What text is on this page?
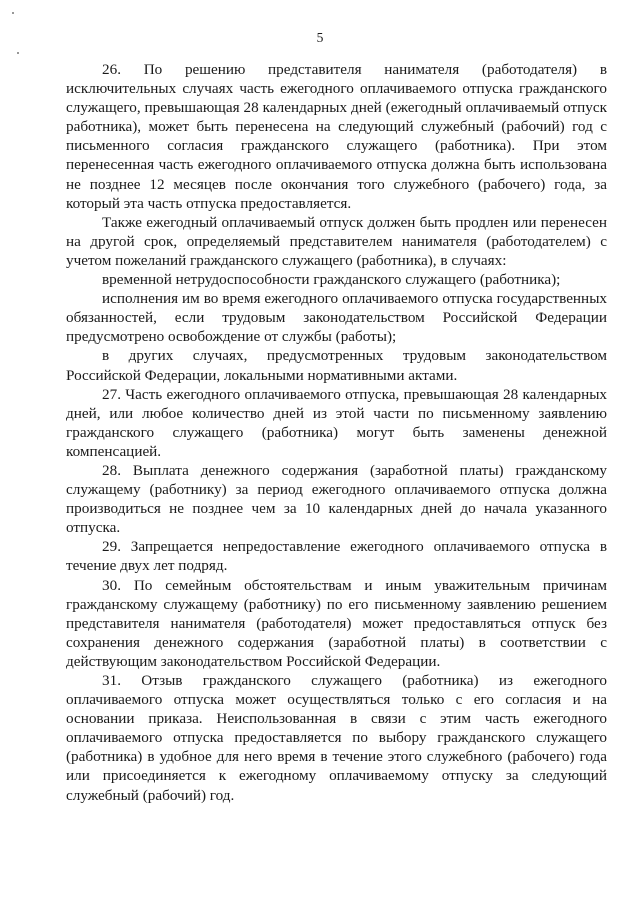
5

26. По решению представителя нанимателя (работодателя) в исключительных случаях часть ежегодного оплачиваемого отпуска гражданского служащего, превышающая 28 календарных дней (ежегодный оплачиваемый отпуск работника), может быть перенесена на следующий служебный (рабочий) год с письменного согласия гражданского служащего (работника). При этом перенесенная часть ежегодного оплачиваемого отпуска должна быть использована не позднее 12 месяцев после окончания того служебного (рабочего) года, за который эта часть отпуска предоставляется.

Также ежегодный оплачиваемый отпуск должен быть продлен или перенесен на другой срок, определяемый представителем нанимателя (работодателем) с учетом пожеланий гражданского служащего (работника), в случаях:

временной нетрудоспособности гражданского служащего (работника);

исполнения им во время ежегодного оплачиваемого отпуска государственных обязанностей, если трудовым законодательством Российской Федерации предусмотрено освобождение от службы (работы);

в других случаях, предусмотренных трудовым законодательством Российской Федерации, локальными нормативными актами.

27. Часть ежегодного оплачиваемого отпуска, превышающая 28 календарных дней, или любое количество дней из этой части по письменному заявлению гражданского служащего (работника) могут быть заменены денежной компенсацией.

28. Выплата денежного содержания (заработной платы) гражданскому служащему (работнику) за период ежегодного оплачиваемого отпуска должна производиться не позднее чем за 10 календарных дней до начала указанного отпуска.

29. Запрещается непредоставление ежегодного оплачиваемого отпуска в течение двух лет подряд.

30. По семейным обстоятельствам и иным уважительным причинам гражданскому служащему (работнику) по его письменному заявлению решением представителя нанимателя (работодателя) может предоставляться отпуск без сохранения денежного содержания (заработной платы) в соответствии с действующим законодательством Российской Федерации.

31. Отзыв гражданского служащего (работника) из ежегодного оплачиваемого отпуска может осуществляться только с его согласия и на основании приказа. Неиспользованная в связи с этим часть ежегодного оплачиваемого отпуска предоставляется по выбору гражданского служащего (работника) в удобное для него время в течение этого служебного (рабочего) года или присоединяется к ежегодному оплачиваемому отпуску за следующий служебный (рабочий) год.
